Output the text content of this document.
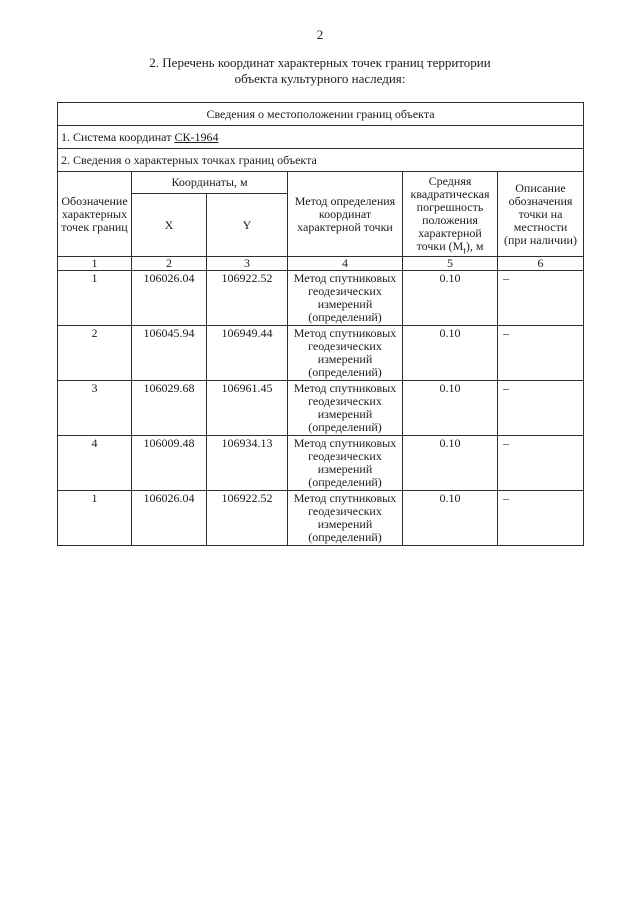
2
2. Перечень координат характерных точек границ территории
объекта культурного наследия:
Сведения о местоположении границ объекта					
1. Система координат СК-1964					
2. Сведения о характерных точках границ объекта					
Обозначение характерных точек границ	Координаты, м		Метод определения координат характерной точки	Средняя квадратическая погрешность положения характерной точки $(М_t)$, м	Описание обозначения точки на местности (при наличии)
	X	Y			
1	2	3	4	5	6
1	106026.04	106922.52	Метод спутниковых геодезических измерений (определений)	0.10	–
2	106045.94	106949.44	Метод спутниковых геодезических измерений (определений)	0.10	–
3	106029.68	106961.45	Метод спутниковых геодезических измерений (определений)	0.10	–
4	106009.48	106934.13	Метод спутниковых геодезических измерений (определений)	0.10	–
1	106026.04	106922.52	Метод спутниковых геодезических измерений (определений)	0.10	–
